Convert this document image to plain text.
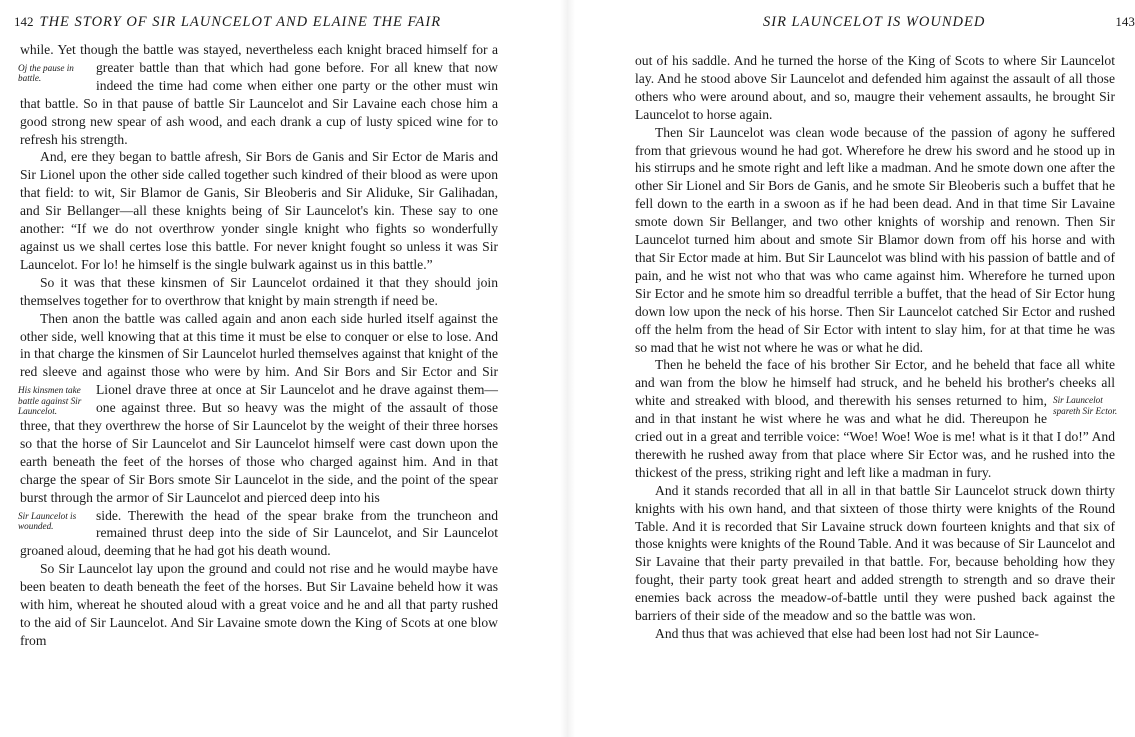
142 THE STORY OF SIR LAUNCELOT AND ELAINE THE FAIR

while. Yet though the battle was stayed, nevertheless each knight braced himself for a greater battle than that which had gone before. For all knew
Oj the pause in battle.
that now indeed the time had come when either one party or the other must win that battle. So in that pause of battle Sir Launcelot and Sir Lavaine each chose him a good strong new spear of ash wood, and each drank a cup of lusty spiced wine for to refresh his strength.

And, ere they began to battle afresh, Sir Bors de Ganis and Sir Ector de Maris and Sir Lionel upon the other side called together such kindred of their blood as were upon that field: to wit, Sir Blamor de Ganis, Sir Bleoberis and Sir Aliduke, Sir Galihadan, and Sir Bellanger—all these knights being of Sir Launcelot's kin. These say to one another: “If we do not overthrow yonder single knight who fights so wonderfully against us we shall certes lose this battle. For never knight fought so unless it was Sir Launcelot. For lo! he himself is the single bulwark against us in this battle.”

So it was that these kinsmen of Sir Launcelot ordained it that they should join themselves together for to overthrow that knight by main strength if need be.

Then anon the battle was called again and anon each side hurled itself against the other side, well knowing that at this time it must be else to conquer or else to lose. And in that charge the kinsmen of Sir Launcelot hurled themselves against that knight of the red sleeve and against those who were by him. And Sir Bors and Sir Ector and Sir Lionel drave three
His kinsmen take battle against Sir Launcelot.
at once at Sir Launcelot and he drave against them—one against three. But so heavy was the might of the assault of those three, that they overthrew the horse of Sir Launcelot by the weight of their three horses so that the horse of Sir Launcelot and Sir Launcelot himself were cast down upon the earth beneath the feet of the horses of those who charged against him. And in that charge the spear of Sir Bors smote Sir Launcelot in the side, and the point of the spear burst through the armor of Sir Launcelot and pierced deep into his

Sir Launcelot is wounded.
side. Therewith the head of the spear brake from the truncheon and remained thrust deep into the side of Sir Launcelot, and Sir Launcelot groaned aloud, deeming that he had got his death wound.

So Sir Launcelot lay upon the ground and could not rise and he would maybe have been beaten to death beneath the feet of the horses. But Sir Lavaine beheld how it was with him, whereat he shouted aloud with a great voice and he and all that party rushed to the aid of Sir Launcelot. And Sir Lavaine smote down the King of Scots at one blow from

SIR LAUNCELOT IS WOUNDED	143

out of his saddle. And he turned the horse of the King of Scots to where Sir Launcelot lay. And he stood above Sir Launcelot and defended him against the assault of all those others who were around about, and so, maugre their vehement assaults, he brought Sir Launcelot to horse again.

Then Sir Launcelot was clean wode because of the passion of agony he suffered from that grievous wound he had got. Wherefore he drew his sword and he stood up in his stirrups and he smote right and left like a madman. And he smote down one after the other Sir Lionel and Sir Bors de Ganis, and he smote Sir Bleoberis such a buffet that he fell down to the earth in a swoon as if he had been dead. And in that time Sir Lavaine smote down Sir Bellanger, and two other knights of worship and renown. Then Sir Launcelot turned him about and smote Sir Blamor down from off his horse and with that Sir Ector made at him. But Sir Launcelot was blind with his passion of battle and of pain, and he wist not who that was who came against him. Wherefore he turned upon Sir Ector and he smote him so dreadful terrible a buffet, that the head of Sir Ector hung down low upon the neck of his horse. Then Sir Launcelot catched Sir Ector and rushed off the helm from the head of Sir Ector with intent to slay him, for at that time he was so mad that he wist not where he was or what he did.

Then he beheld the face of his brother Sir Ector, and he beheld that face all white and wan from the blow he himself had struck, and he beheld his brother's cheeks all white and streaked with blood,	Sir Launcelot spareth Sir Ector.
and therewith his senses returned to him, and in that instant he wist where he was and what he did. Thereupon he cried out in a great and terrible voice: “Woe! Woe! Woe is me! what is it that I do!” And therewith he rushed away from that place where Sir Ector was, and he rushed into the thickest of the press, striking right and left like a madman in fury.

And it stands recorded that all in all in that battle Sir Launcelot struck down thirty knights with his own hand, and that sixteen of those thirty were knights of the Round Table. And it is recorded that Sir Lavaine struck down fourteen knights and that six of those knights were knights of the Round Table. And it was because of Sir Launcelot and Sir Lavaine that their party prevailed in that battle. For, because beholding how they fought, their party took great heart and added strength to strength and so drave their enemies back across the meadow-of-battle until they were pushed back against the barriers of their side of the meadow and so the battle was won.

And thus that was achieved that else had been lost had not Sir Launce-
